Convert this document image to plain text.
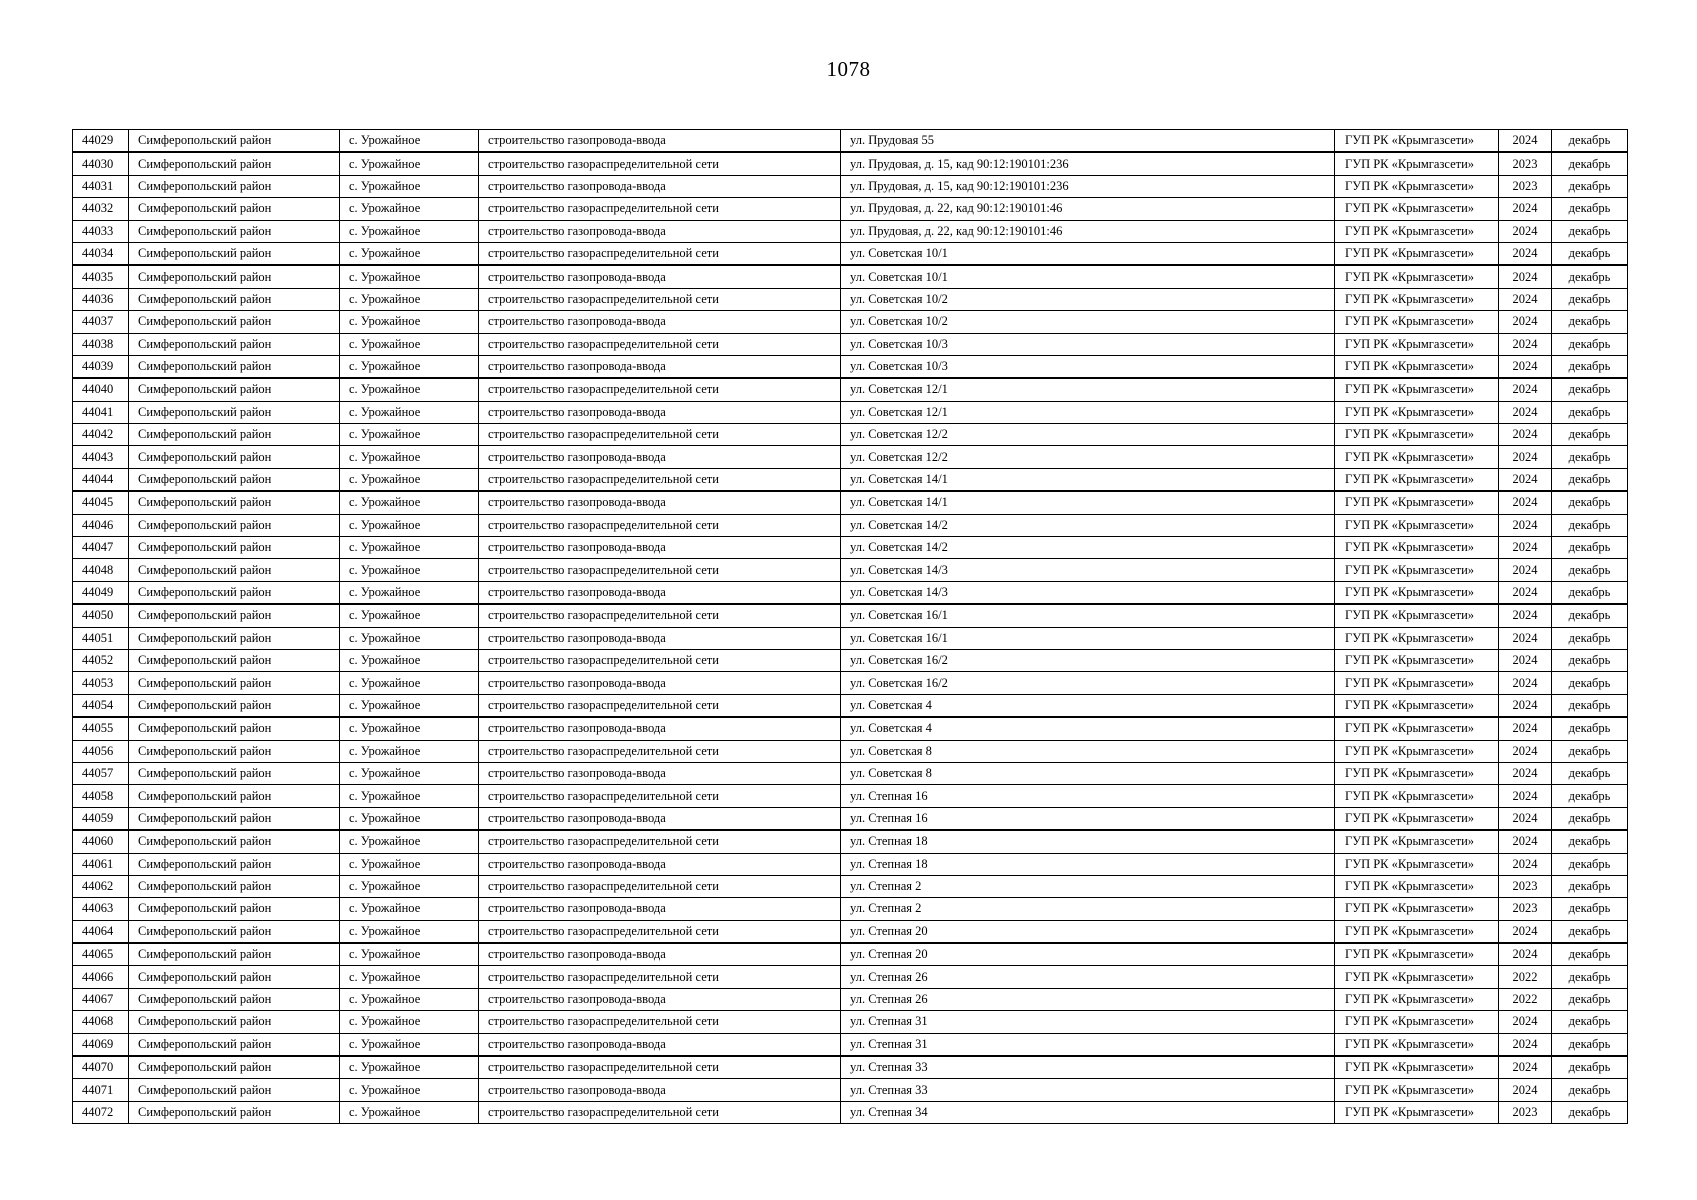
1078
44029	Симферопольский район	с. Урожайное	строительство газопровода-ввода	ул. Прудовая 55	ГУП РК «Крымгазсети»	2024	декабрь
44030	Симферопольский район	с. Урожайное	строительство газораспределительной сети	ул. Прудовая, д. 15, кад 90:12:190101:236	ГУП РК «Крымгазсети»	2023	декабрь
44031	Симферопольский район	с. Урожайное	строительство газопровода-ввода	ул. Прудовая, д. 15, кад 90:12:190101:236	ГУП РК «Крымгазсети»	2023	декабрь
44032	Симферопольский район	с. Урожайное	строительство газораспределительной сети	ул. Прудовая, д. 22, кад 90:12:190101:46	ГУП РК «Крымгазсети»	2024	декабрь
44033	Симферопольский район	с. Урожайное	строительство газопровода-ввода	ул. Прудовая, д. 22, кад 90:12:190101:46	ГУП РК «Крымгазсети»	2024	декабрь
44034	Симферопольский район	с. Урожайное	строительство газораспределительной сети	ул. Советская 10/1	ГУП РК «Крымгазсети»	2024	декабрь
44035	Симферопольский район	с. Урожайное	строительство газопровода-ввода	ул. Советская 10/1	ГУП РК «Крымгазсети»	2024	декабрь
44036	Симферопольский район	с. Урожайное	строительство газораспределительной сети	ул. Советская 10/2	ГУП РК «Крымгазсети»	2024	декабрь
44037	Симферопольский район	с. Урожайное	строительство газопровода-ввода	ул. Советская 10/2	ГУП РК «Крымгазсети»	2024	декабрь
44038	Симферопольский район	с. Урожайное	строительство газораспределительной сети	ул. Советская 10/3	ГУП РК «Крымгазсети»	2024	декабрь
44039	Симферопольский район	с. Урожайное	строительство газопровода-ввода	ул. Советская 10/3	ГУП РК «Крымгазсети»	2024	декабрь
44040	Симферопольский район	с. Урожайное	строительство газораспределительной сети	ул. Советская 12/1	ГУП РК «Крымгазсети»	2024	декабрь
44041	Симферопольский район	с. Урожайное	строительство газопровода-ввода	ул. Советская 12/1	ГУП РК «Крымгазсети»	2024	декабрь
44042	Симферопольский район	с. Урожайное	строительство газораспределительной сети	ул. Советская 12/2	ГУП РК «Крымгазсети»	2024	декабрь
44043	Симферопольский район	с. Урожайное	строительство газопровода-ввода	ул. Советская 12/2	ГУП РК «Крымгазсети»	2024	декабрь
44044	Симферопольский район	с. Урожайное	строительство газораспределительной сети	ул. Советская 14/1	ГУП РК «Крымгазсети»	2024	декабрь
44045	Симферопольский район	с. Урожайное	строительство газопровода-ввода	ул. Советская 14/1	ГУП РК «Крымгазсети»	2024	декабрь
44046	Симферопольский район	с. Урожайное	строительство газораспределительной сети	ул. Советская 14/2	ГУП РК «Крымгазсети»	2024	декабрь
44047	Симферопольский район	с. Урожайное	строительство газопровода-ввода	ул. Советская 14/2	ГУП РК «Крымгазсети»	2024	декабрь
44048	Симферопольский район	с. Урожайное	строительство газораспределительной сети	ул. Советская 14/3	ГУП РК «Крымгазсети»	2024	декабрь
44049	Симферопольский район	с. Урожайное	строительство газопровода-ввода	ул. Советская 14/3	ГУП РК «Крымгазсети»	2024	декабрь
44050	Симферопольский район	с. Урожайное	строительство газораспределительной сети	ул. Советская 16/1	ГУП РК «Крымгазсети»	2024	декабрь
44051	Симферопольский район	с. Урожайное	строительство газопровода-ввода	ул. Советская 16/1	ГУП РК «Крымгазсети»	2024	декабрь
44052	Симферопольский район	с. Урожайное	строительство газораспределительной сети	ул. Советская 16/2	ГУП РК «Крымгазсети»	2024	декабрь
44053	Симферопольский район	с. Урожайное	строительство газопровода-ввода	ул. Советская 16/2	ГУП РК «Крымгазсети»	2024	декабрь
44054	Симферопольский район	с. Урожайное	строительство газораспределительной сети	ул. Советская 4	ГУП РК «Крымгазсети»	2024	декабрь
44055	Симферопольский район	с. Урожайное	строительство газопровода-ввода	ул. Советская 4	ГУП РК «Крымгазсети»	2024	декабрь
44056	Симферопольский район	с. Урожайное	строительство газораспределительной сети	ул. Советская 8	ГУП РК «Крымгазсети»	2024	декабрь
44057	Симферопольский район	с. Урожайное	строительство газопровода-ввода	ул. Советская 8	ГУП РК «Крымгазсети»	2024	декабрь
44058	Симферопольский район	с. Урожайное	строительство газораспределительной сети	ул. Степная 16	ГУП РК «Крымгазсети»	2024	декабрь
44059	Симферопольский район	с. Урожайное	строительство газопровода-ввода	ул. Степная 16	ГУП РК «Крымгазсети»	2024	декабрь
44060	Симферопольский район	с. Урожайное	строительство газораспределительной сети	ул. Степная 18	ГУП РК «Крымгазсети»	2024	декабрь
44061	Симферопольский район	с. Урожайное	строительство газопровода-ввода	ул. Степная 18	ГУП РК «Крымгазсети»	2024	декабрь
44062	Симферопольский район	с. Урожайное	строительство газораспределительной сети	ул. Степная 2	ГУП РК «Крымгазсети»	2023	декабрь
44063	Симферопольский район	с. Урожайное	строительство газопровода-ввода	ул. Степная 2	ГУП РК «Крымгазсети»	2023	декабрь
44064	Симферопольский район	с. Урожайное	строительство газораспределительной сети	ул. Степная 20	ГУП РК «Крымгазсети»	2024	декабрь
44065	Симферопольский район	с. Урожайное	строительство газопровода-ввода	ул. Степная 20	ГУП РК «Крымгазсети»	2024	декабрь
44066	Симферопольский район	с. Урожайное	строительство газораспределительной сети	ул. Степная 26	ГУП РК «Крымгазсети»	2022	декабрь
44067	Симферопольский район	с. Урожайное	строительство газопровода-ввода	ул. Степная 26	ГУП РК «Крымгазсети»	2022	декабрь
44068	Симферопольский район	с. Урожайное	строительство газораспределительной сети	ул. Степная 31	ГУП РК «Крымгазсети»	2024	декабрь
44069	Симферопольский район	с. Урожайное	строительство газопровода-ввода	ул. Степная 31	ГУП РК «Крымгазсети»	2024	декабрь
44070	Симферопольский район	с. Урожайное	строительство газораспределительной сети	ул. Степная 33	ГУП РК «Крымгазсети»	2024	декабрь
44071	Симферопольский район	с. Урожайное	строительство газопровода-ввода	ул. Степная 33	ГУП РК «Крымгазсети»	2024	декабрь
44072	Симферопольский район	с. Урожайное	строительство газораспределительной сети	ул. Степная 34	ГУП РК «Крымгазсети»	2023	декабрь
